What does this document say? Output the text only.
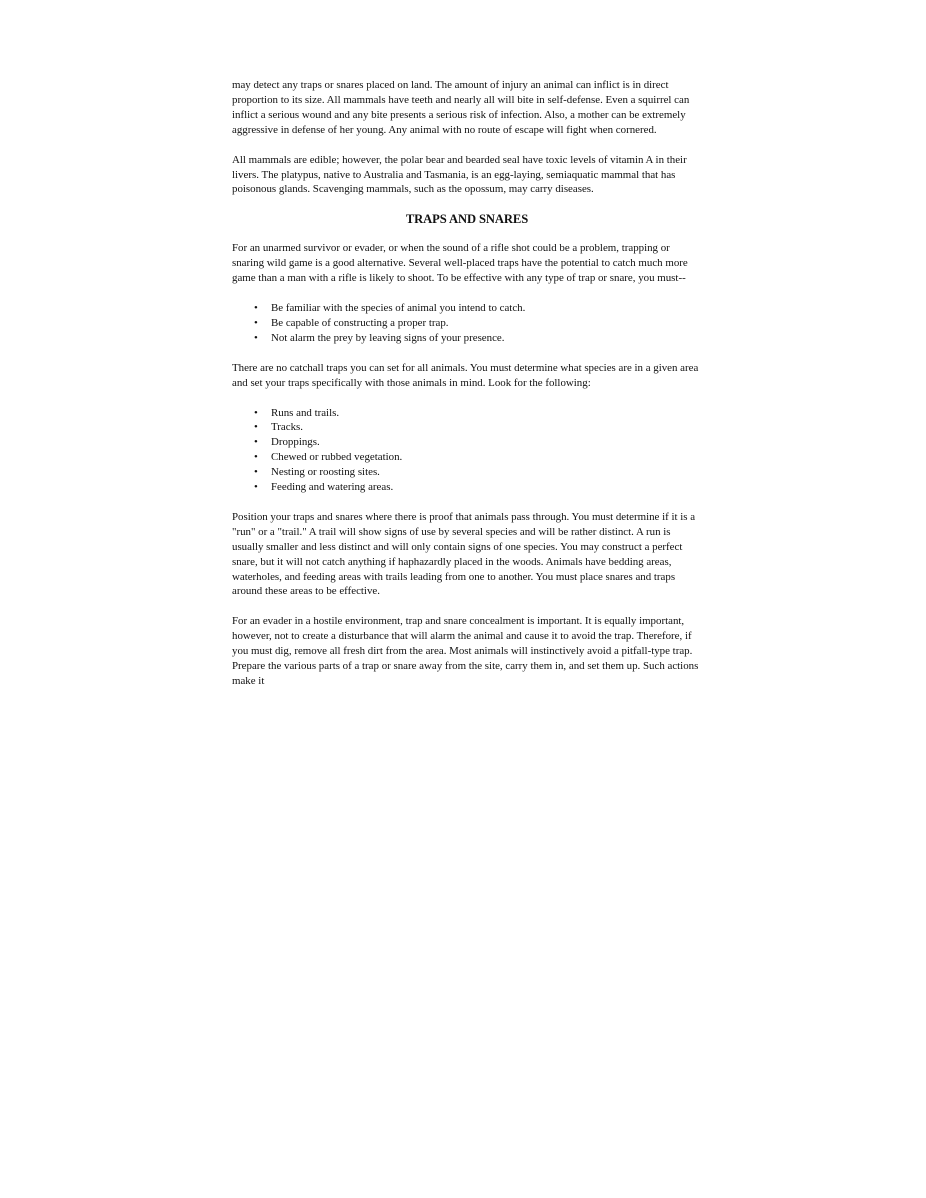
may detect any traps or snares placed on land. The amount of injury an animal can inflict is in direct proportion to its size. All mammals have teeth and nearly all will bite in self-defense. Even a squirrel can inflict a serious wound and any bite presents a serious risk of infection. Also, a mother can be extremely aggressive in defense of her young. Any animal with no route of escape will fight when cornered.

All mammals are edible; however, the polar bear and bearded seal have toxic levels of vitamin A in their livers. The platypus, native to Australia and Tasmania, is an egg-laying, semiaquatic mammal that has poisonous glands. Scavenging mammals, such as the opossum, may carry diseases.

TRAPS AND SNARES

For an unarmed survivor or evader, or when the sound of a rifle shot could be a problem, trapping or snaring wild game is a good alternative. Several well-placed traps have the potential to catch much more game than a man with a rifle is likely to shoot. To be effective with any type of trap or snare, you must--

• Be familiar with the species of animal you intend to catch.
• Be capable of constructing a proper trap.
• Not alarm the prey by leaving signs of your presence.

There are no catchall traps you can set for all animals. You must determine what species are in a given area and set your traps specifically with those animals in mind. Look for the following:

• Runs and trails.
• Tracks.
• Droppings.
• Chewed or rubbed vegetation.
• Nesting or roosting sites.
• Feeding and watering areas.

Position your traps and snares where there is proof that animals pass through. You must determine if it is a "run" or a "trail." A trail will show signs of use by several species and will be rather distinct. A run is usually smaller and less distinct and will only contain signs of one species. You may construct a perfect snare, but it will not catch anything if haphazardly placed in the woods. Animals have bedding areas, waterholes, and feeding areas with trails leading from one to another. You must place snares and traps around these areas to be effective.

For an evader in a hostile environment, trap and snare concealment is important. It is equally important, however, not to create a disturbance that will alarm the animal and cause it to avoid the trap. Therefore, if you must dig, remove all fresh dirt from the area. Most animals will instinctively avoid a pitfall-type trap. Prepare the various parts of a trap or snare away from the site, carry them in, and set them up. Such actions make it
